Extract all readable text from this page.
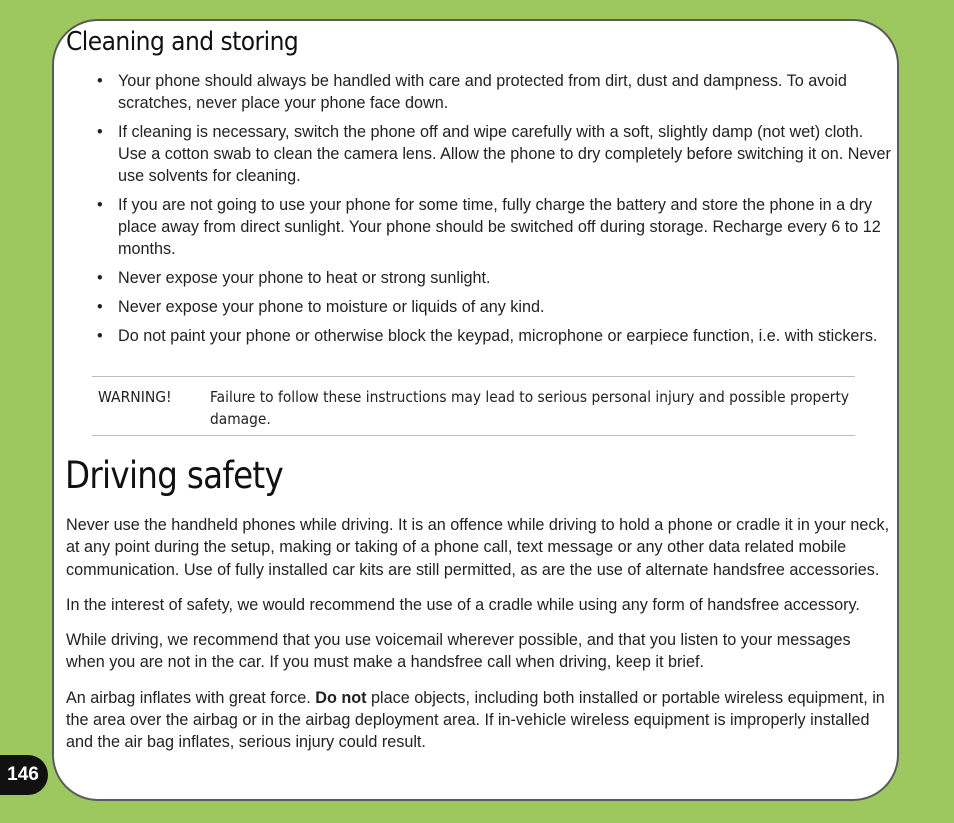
Cleaning and storing
• Your phone should always be handled with care and protected from dirt, dust and dampness. To avoid scratches, never place your phone face down.
• If cleaning is necessary, switch the phone off and wipe carefully with a soft, slightly damp (not wet) cloth. Use a cotton swab to clean the camera lens. Allow the phone to dry completely before switching it on. Never use solvents for cleaning.
• If you are not going to use your phone for some time, fully charge the battery and store the phone in a dry place away from direct sunlight. Your phone should be switched off during storage. Recharge every 6 to 12 months.
• Never expose your phone to heat or strong sunlight.
• Never expose your phone to moisture or liquids of any kind.
• Do not paint your phone or otherwise block the keypad, microphone or earpiece function, i.e. with stickers.
WARNING! Failure to follow these instructions may lead to serious personal injury and possible property damage.
Driving safety

Never use the handheld phones while driving. It is an offence while driving to hold a phone or cradle it in your neck, at any point during the setup, making or taking of a phone call, text message or any other data related mobile communication. Use of fully installed car kits are still permitted, as are the use of alternate handsfree accessories.

In the interest of safety, we would recommend the use of a cradle while using any form of handsfree accessory.

While driving, we recommend that you use voicemail wherever possible, and that you listen to your messages when you are not in the car. If you must make a handsfree call when driving, keep it brief.

An airbag inflates with great force. Do not place objects, including both installed or portable wireless equipment, in the area over the airbag or in the airbag deployment area. If in-vehicle wireless equipment is improperly installed and the air bag inflates, serious injury could result.

146
